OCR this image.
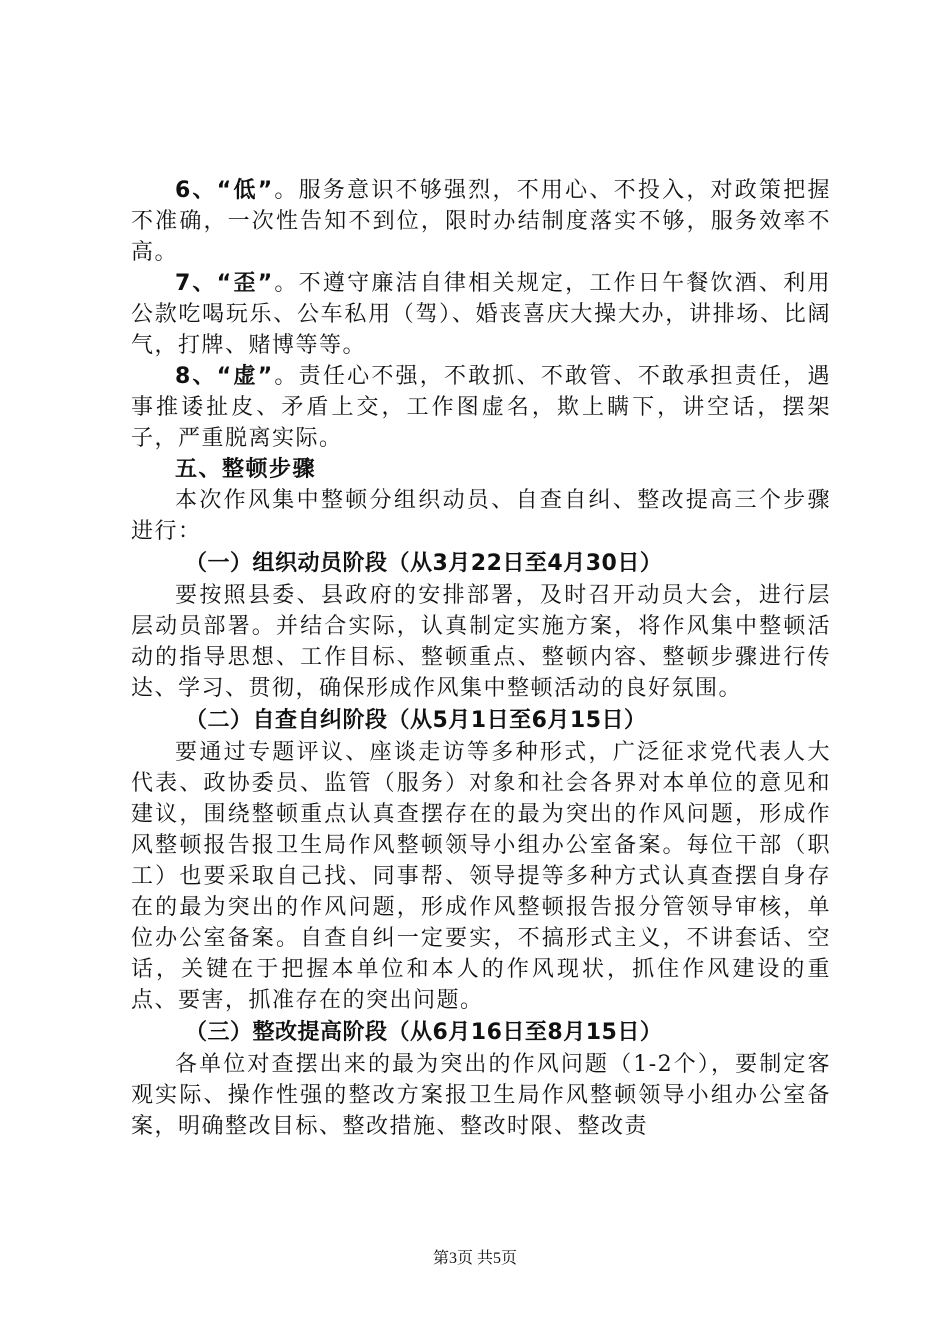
6、“低”。服务意识不够强烈，不用心、不投入，对政策把握不准确，一次性告知不到位，限时办结制度落实不够，服务效率不高。

7、“歪”。不遵守廉洁自律相关规定，工作日午餐饮酒、利用公款吃喝玩乐、公车私用（驾）、婚丧喜庆大操大办，讲排场、比阔气，打牌、赌博等等。

8、“虚”。责任心不强，不敢抓、不敢管、不敢承担责任，遇事推诿扯皮、矛盾上交，工作图虚名，欺上瞒下，讲空话，摆架子，严重脱离实际。

五、整顿步骤

本次作风集中整顿分组织动员、自查自纠、整改提高三个步骤进行：

（一）组织动员阶段（从3月22日至4月30日）

要按照县委、县政府的安排部署，及时召开动员大会，进行层层动员部署。并结合实际，认真制定实施方案，将作风集中整顿活动的指导思想、工作目标、整顿重点、整顿内容、整顿步骤进行传达、学习、贯彻，确保形成作风集中整顿活动的良好氛围。

（二）自查自纠阶段（从5月1日至6月15日）

要通过专题评议、座谈走访等多种形式，广泛征求党代表人大代表、政协委员、监管（服务）对象和社会各界对本单位的意见和建议，围绕整顿重点认真查摆存在的最为突出的作风问题，形成作风整顿报告报卫生局作风整顿领导小组办公室备案。每位干部（职工）也要采取自己找、同事帮、领导提等多种方式认真查摆自身存在的最为突出的作风问题，形成作风整顿报告报分管领导审核，单位办公室备案。自查自纠一定要实，不搞形式主义，不讲套话、空话，关键在于把握本单位和本人的作风现状，抓住作风建设的重点、要害，抓准存在的突出问题。

（三）整改提高阶段（从6月16日至8月15日）

各单位对查摆出来的最为突出的作风问题（1-2个），要制定客观实际、操作性强的整改方案报卫生局作风整顿领导小组办公室备案，明确整改目标、整改措施、整改时限、整改责

第3页 共5页
